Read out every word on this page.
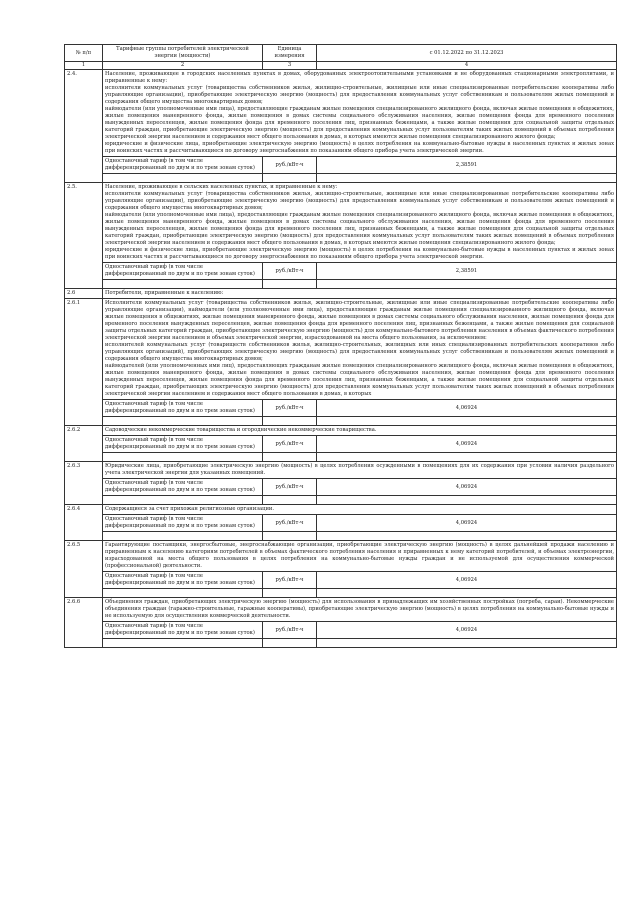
№ п/п	Тарифные группы потребителей электрической энергии (мощности)	Единица измерения	с 01.12.2022 по 31.12.2023
1	2	3	4
2.4.	Население, проживающее в городских населенных пунктах в домах, оборудованных электроотопительными установками и не оборудованных стационарными электроплитами, и приравненные к нему:

исполнители коммунальных услуг (товарищества собственников жилья, жилищно-строительные, жилищные или иные специализированные потребительские кооперативы либо управляющие организации), приобретающие электрическую энергию (мощность) для предоставления коммунальных услуг собственникам и пользователям жилых помещений и содержания общего имущества многоквартирных домов;

наймодатели (или уполномоченные ими лица), предоставляющие гражданам жилые помещения специализированного жилищного фонда, включая жилые помещения в общежитиях, жилые помещения маневренного фонда, жилые помещения в домах системы социального обслуживания населения, жилые помещения фонда для временного поселения вынужденных переселенцев, жилые помещения фонда для временного поселения лиц, признанных беженцами, а также жилые помещения для социальной защиты отдельных категорий граждан, приобретающие электрическую энергию (мощность) для предоставления коммунальных услуг пользователям таких жилых помещений в объемах потребления электрической энергии населением и содержания мест общего пользования в домах, в которых имеются жилые помещения специализированного жилого фонда;

юридические и физические лица, приобретающие электрическую энергию (мощность) в целях потребления на коммунально-бытовые нужды в населенных пунктах и жилых зонах при воинских частях и рассчитывающиеся по договору энергоснабжения по показаниям общего прибора учета электрической энергии.		

	Одноставочный тариф (в том числе дифференцированный по двум и по трем зонам суток)	руб./кВт·ч	2,38591

2.5.	Население, проживающее в сельских населенных пунктах, и приравненные к нему:

исполнители коммунальных услуг (товарищества собственников жилья, жилищно-строительные, жилищные или иные специализированные потребительские кооперативы либо управляющие организации), приобретающие электрическую энергию (мощность) для предоставления коммунальных услуг собственникам и пользователям жилых помещений и содержания общего имущества многоквартирных домов;

наймодатели (или уполномоченные ими лица), предоставляющие гражданам жилые помещения специализированного жилищного фонда, включая жилые помещения в общежитиях, жилые помещения маневренного фонда, жилые помещения в домах системы социального обслуживания населения, жилые помещения фонда для временного поселения вынужденных переселенцев, жилые помещения фонда для временного поселения лиц, признанных беженцами, а также жилые помещения для социальной защиты отдельных категорий граждан, приобретающие электрическую энергию (мощность) для предоставления коммунальных услуг пользователям таких жилых помещений в объемах потребления электрической энергии населением и содержания мест общего пользования в домах, в которых имеются жилые помещения специализированного жилого фонда;

юридические и физические лица, приобретающие электрическую энергию (мощность) в целях потребления на коммунально-бытовые нужды в населенных пунктах и жилых зонах при воинских частях и рассчитывающиеся по договору энергоснабжения по показаниям общего прибора учета электрической энергии.		

	Одноставочный тариф (в том числе дифференцированный по двум и по трем зонам суток)	руб./кВт·ч	2,38591

2.6	Потребители, приравненные к населению:		
2.6.1	Исполнители коммунальных услуг (товарищества собственников жилья, жилищно-строительные, жилищные или иные специализированные потребительские кооперативы либо управляющие организации), наймодатели (или уполномоченные ими лица), предоставляющие гражданам жилые помещения специализированного жилищного фонда, включая жилые помещения в общежитиях, жилые помещения маневренного фонда, жилые помещения в домах системы социального обслуживания населения, жилые помещения фонда для временного поселения вынужденных переселенцев, жилые помещения фонда для временного поселения лиц, признанных беженцами, а также жилые помещения для социальной защиты отдельных категорий граждан, приобретающие электрическую энергию (мощность) для коммунально-бытового потребления населения в объемах фактического потребления электрической энергии населением и объемах электрической энергии, израсходованной на места общего пользования, за исключением:

исполнителей коммунальных услуг (товариществ собственников жилья, жилищно-строительных, жилищных или иных специализированных потребительских кооперативов либо управляющих организаций), приобретающих электрическую энергию (мощность) для предоставления коммунальных услуг собственникам и пользователям жилых помещений и содержания общего имущества многоквартирных домов;

наймодателей (или уполномоченных ими лиц), предоставляющих гражданам жилые помещения специализированного жилищного фонда, включая жилые помещения в общежитиях, жилые помещения маневренного фонда, жилые помещения в домах системы социального обслуживания населения, жилые помещения фонда для временного поселения вынужденных переселенцев, жилые помещения фонда для временного поселения лиц, признанных беженцами, а также жилые помещения для социальной защиты отдельных категорий граждан, приобретающих электрическую энергию (мощность) для предоставления коммунальных услуг пользователям таких жилых помещений в объемах потребления электрической энергии населением и содержания мест общего пользования в домах, в которых		

	Одноставочный тариф (в том числе дифференцированный по двум и по трем зонам суток)	руб./кВт·ч	4,06924

2.6.2	Садоводческие некоммерческие товарищества и огороднические некоммерческие товарищества.		

	Одноставочный тариф (в том числе дифференцированный по двум и по трем зонам суток)	руб./кВт·ч	4,06924

2.6.3	Юридические лица, приобретающие электрическую энергию (мощность) в целях потребления осужденными в помещениях для их содержания при условии наличия раздельного учета электрической энергии для указанных помещений.		

	Одноставочный тариф (в том числе дифференцированный по двум и по трем зонам суток)	руб./кВт·ч	4,06924

2.6.4	Содержащиеся за счет прихожан религиозные организации.		

	Одноставочный тариф (в том числе дифференцированный по двум и по трем зонам суток)	руб./кВт·ч	4,06924

2.6.5	Гарантирующие поставщики, энергосбытовые, энергоснабжающие организации, приобретающие электрическую энергию (мощность) в целях дальнейшей продажи населению и приравненным к населению категориям потребителей в объемах фактического потребления населения и приравненных к нему категорий потребителей, и объемах электроэнергии, израсходованной на места общего пользования в целях потребления на коммунально-бытовые нужды граждан и не используемой для осуществления коммерческой (профессиональной) деятельности.		

	Одноставочный тариф (в том числе дифференцированный по двум и по трем зонам суток)	руб./кВт·ч	4,06924

2.6.6	Объединения граждан, приобретающих электрическую энергию (мощность) для использования в принадлежащих им хозяйственных постройках (погреба, сараи). Некоммерческие объединения граждан (гаражно-строительные, гаражные кооперативы), приобретающие электрическую энергию (мощность) в целях потребления на коммунально-бытовые нужды и не используемую для осуществления коммерческой деятельности.		

	Одноставочный тариф (в том числе дифференцированный по двум и по трем зонам суток)	руб./кВт·ч	4,06924
